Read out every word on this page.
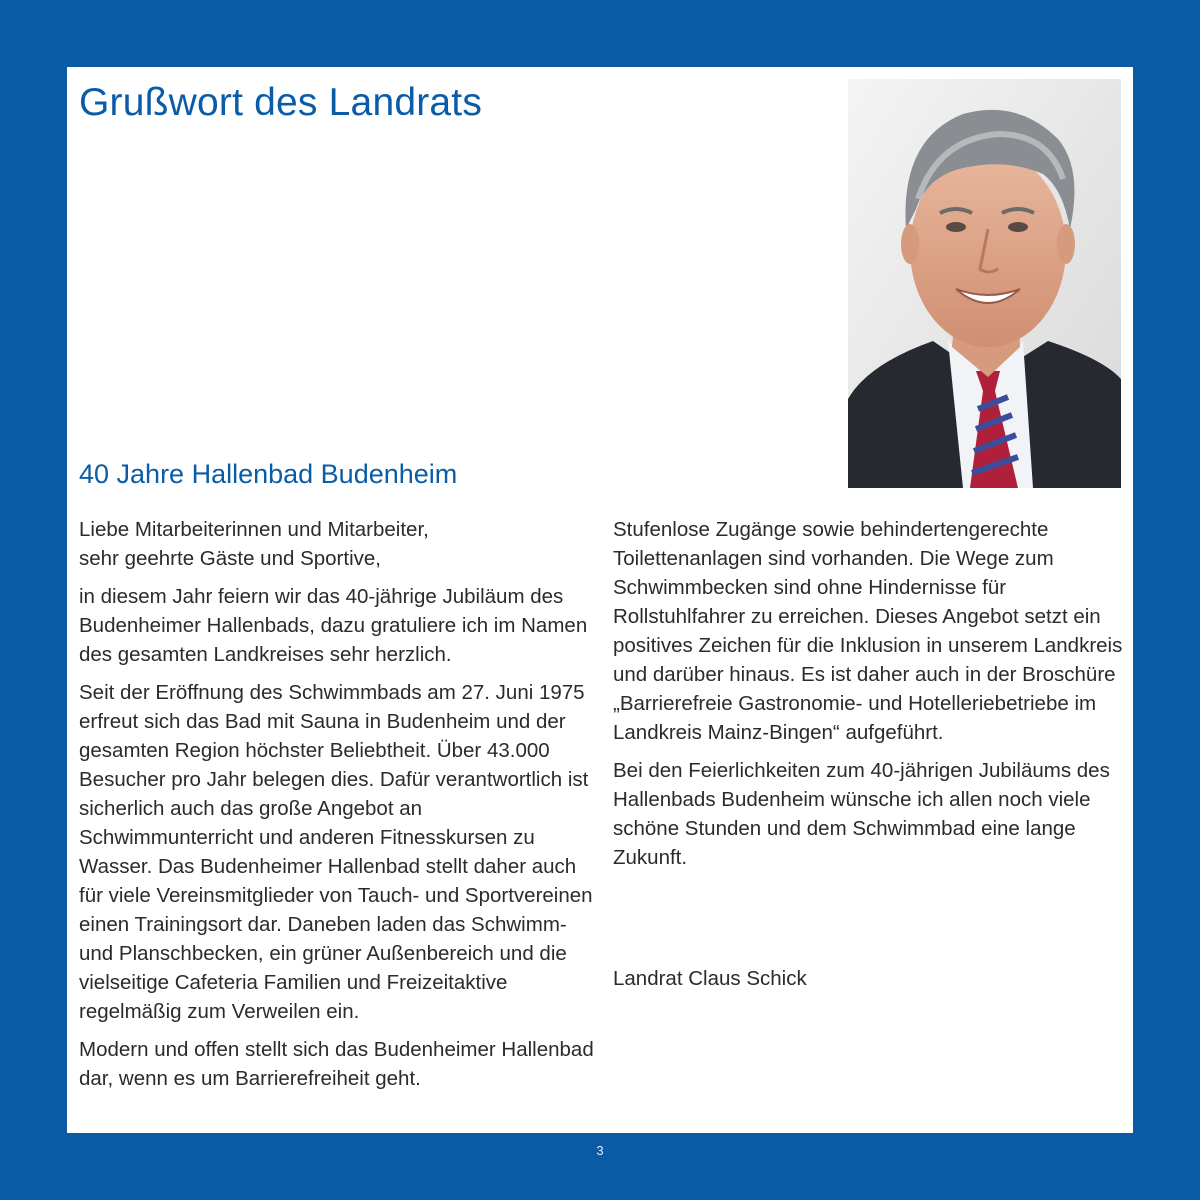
Grußwort des Landrats
40 Jahre Hallenbad Budenheim

Liebe Mitarbeiterinnen und Mitarbeiter,
sehr geehrte Gäste und Sportive,

in diesem Jahr feiern wir das 40-jährige Jubiläum des Budenheimer Hallenbads, dazu gratuliere ich im Namen des gesamten Landkreises sehr herzlich.

Seit der Eröffnung des Schwimmbads am 27. Juni 1975 erfreut sich das Bad mit Sauna in Budenheim und der gesamten Region höchster Beliebtheit. Über 43.000 Besucher pro Jahr belegen dies. Dafür verantwortlich ist sicherlich auch das große Angebot an Schwimmunterricht und anderen Fitnesskursen zu Wasser. Das Budenheimer Hallenbad stellt daher auch für viele Vereinsmitglieder von Tauch- und Sportvereinen einen Trainingsort dar. Daneben laden das Schwimm- und Planschbecken, ein grüner Außenbereich und die vielseitige Cafeteria Familien und Freizeitaktive regelmäßig zum Verweilen ein.

Modern und offen stellt sich das Budenheimer Hallenbad dar, wenn es um Barrierefreiheit geht.

Stufenlose Zugänge sowie behindertengerechte Toilettenanlagen sind vorhanden. Die Wege zum Schwimmbecken sind ohne Hindernisse für Rollstuhlfahrer zu erreichen. Dieses Angebot setzt ein positives Zeichen für die Inklusion in unserem Landkreis und darüber hinaus. Es ist daher auch in der Broschüre „Barrierefreie Gastronomie- und Hotelleriebetriebe im Landkreis Mainz-Bingen“ aufgeführt.

Bei den Feierlichkeiten zum 40-jährigen Jubiläums des Hallenbads Budenheim wünsche ich allen noch viele schöne Stunden und dem Schwimmbad eine lange Zukunft.

Landrat Claus Schick

3
